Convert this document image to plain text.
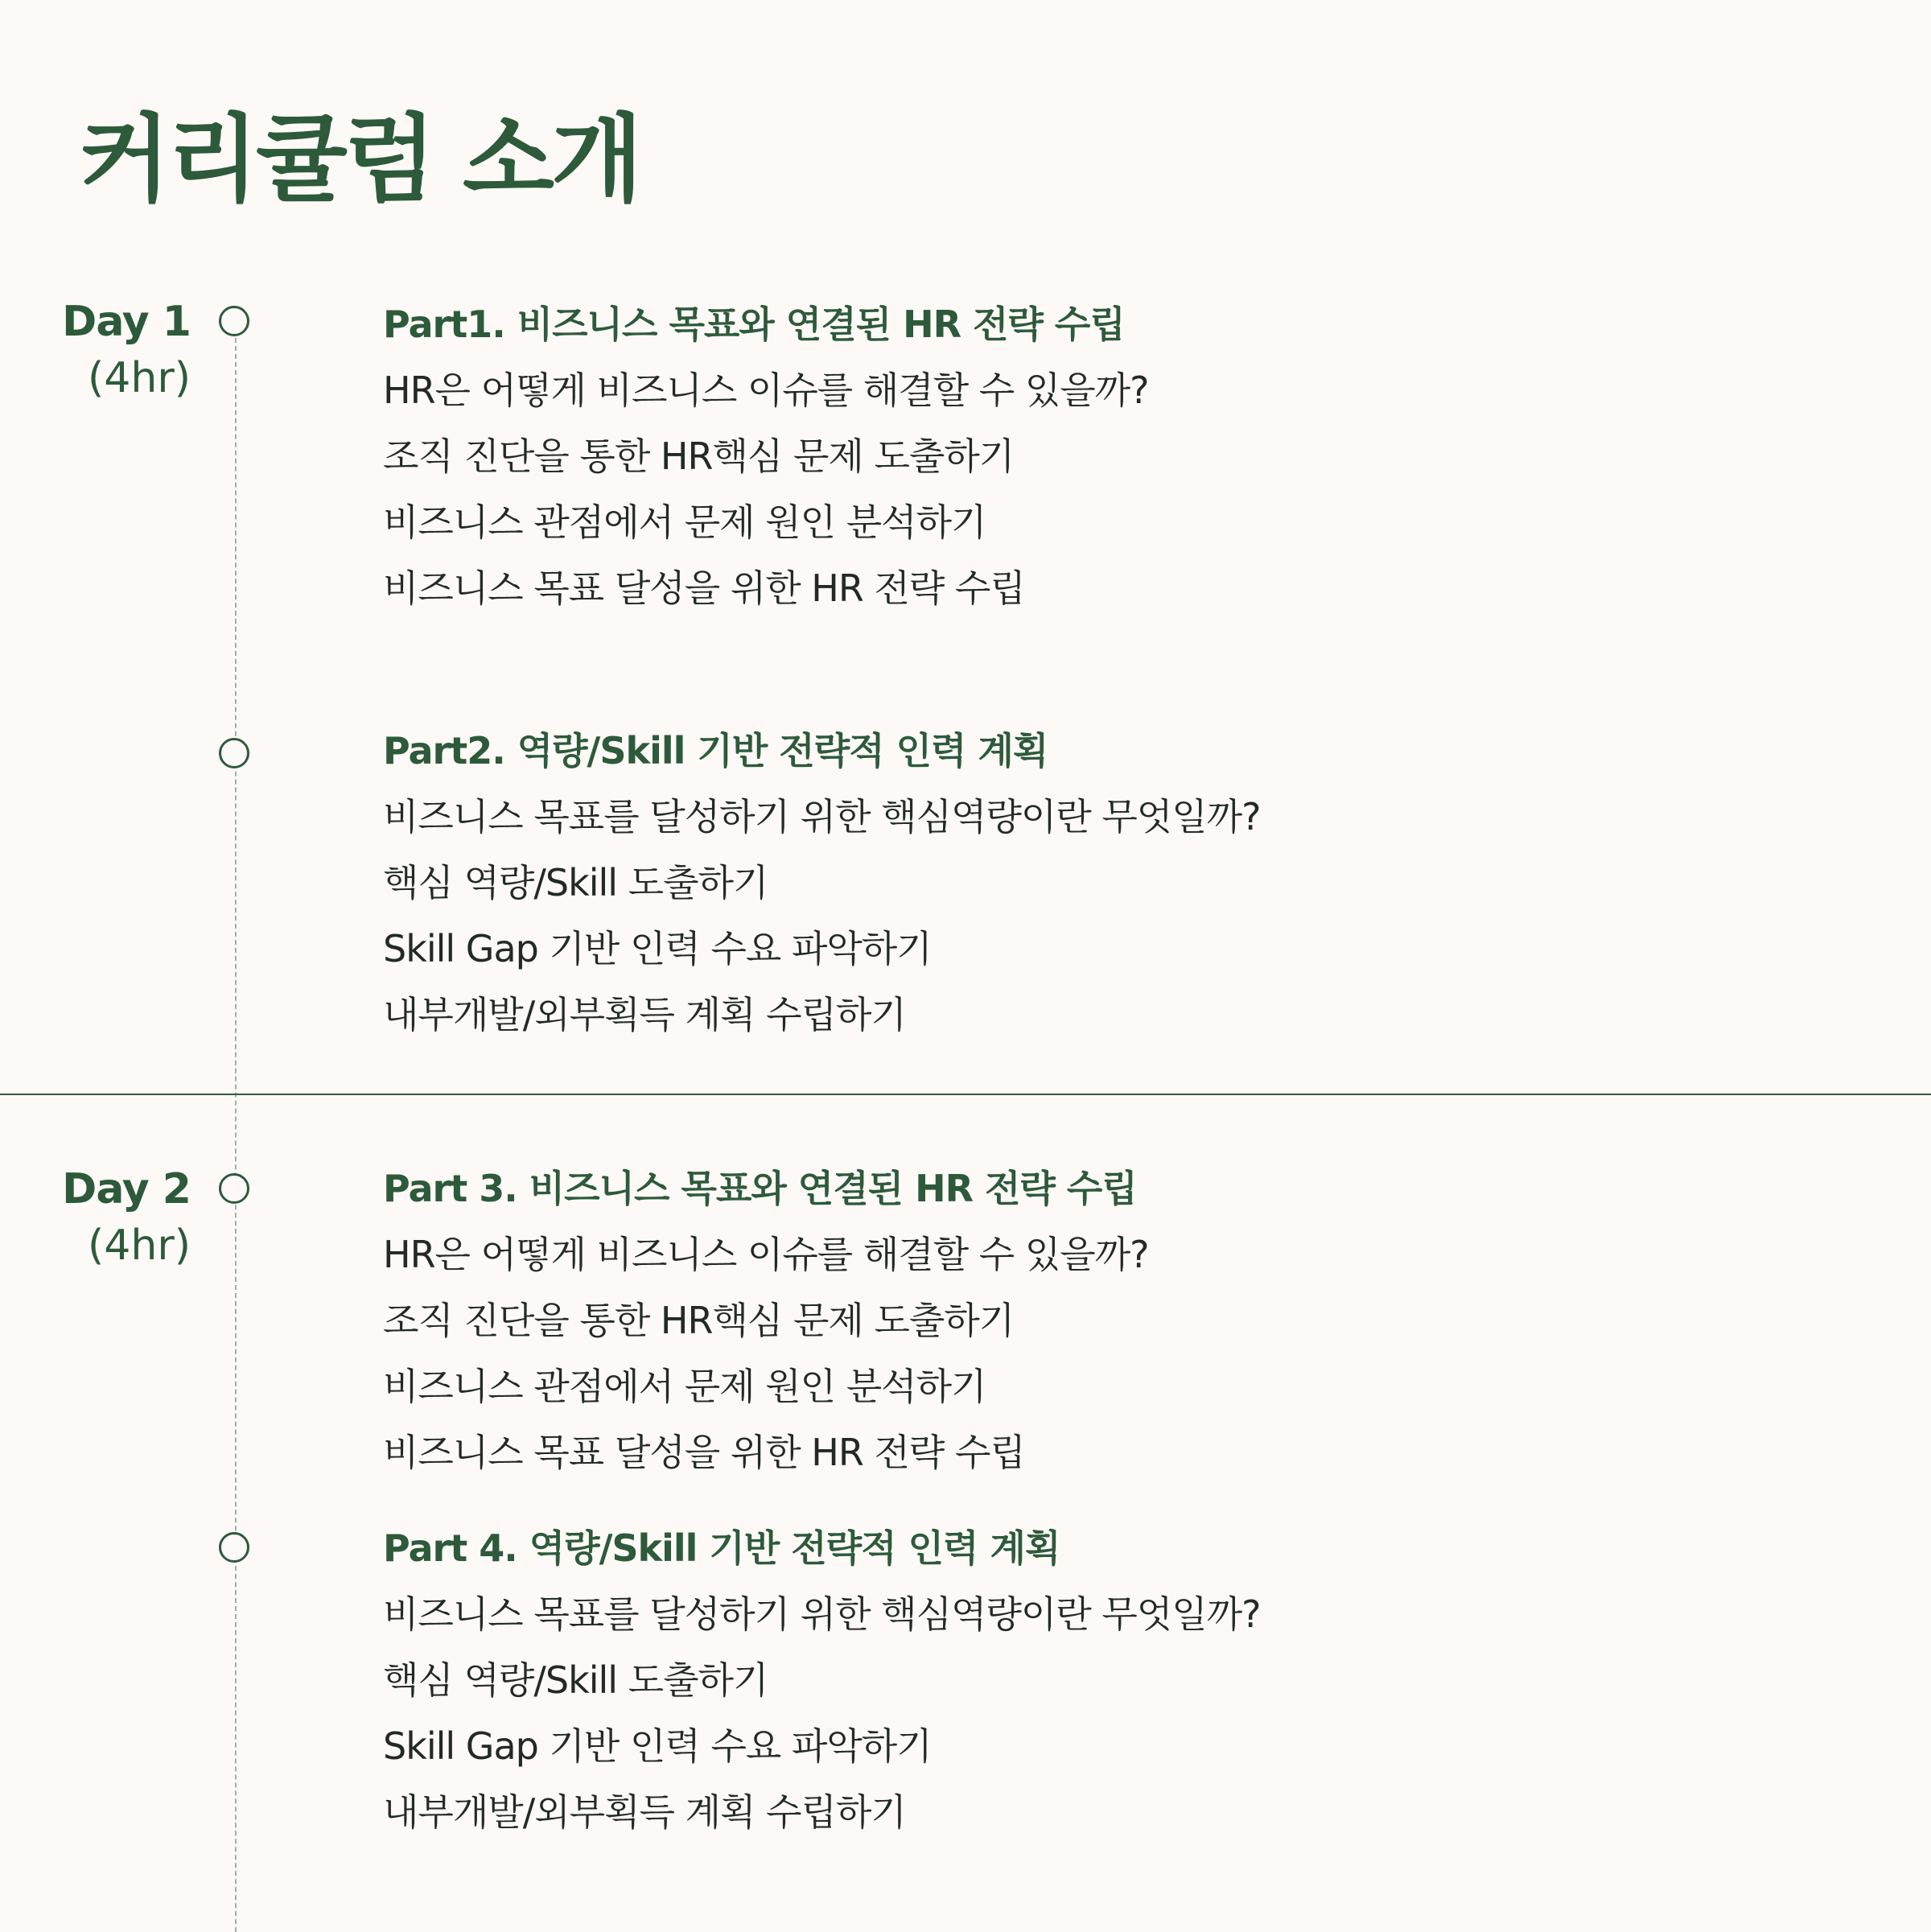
커리큘럼 소개
Day 1
(4hr)
Part1. 비즈니스 목표와 연결된 HR 전략 수립
HR은 어떻게 비즈니스 이슈를 해결할 수 있을까?
조직 진단을 통한 HR핵심 문제 도출하기
비즈니스 관점에서 문제 원인 분석하기
비즈니스 목표 달성을 위한 HR 전략 수립
Part2. 역량/Skill 기반 전략적 인력 계획
비즈니스 목표를 달성하기 위한 핵심역량이란 무엇일까?
핵심 역량/Skill 도출하기
Skill Gap 기반 인력 수요 파악하기
내부개발/외부획득 계획 수립하기
Day 2
(4hr)
Part 3. 비즈니스 목표와 연결된 HR 전략 수립
HR은 어떻게 비즈니스 이슈를 해결할 수 있을까?
조직 진단을 통한 HR핵심 문제 도출하기
비즈니스 관점에서 문제 원인 분석하기
비즈니스 목표 달성을 위한 HR 전략 수립
Part 4. 역량/Skill 기반 전략적 인력 계획
비즈니스 목표를 달성하기 위한 핵심역량이란 무엇일까?
핵심 역량/Skill 도출하기
Skill Gap 기반 인력 수요 파악하기
내부개발/외부획득 계획 수립하기
